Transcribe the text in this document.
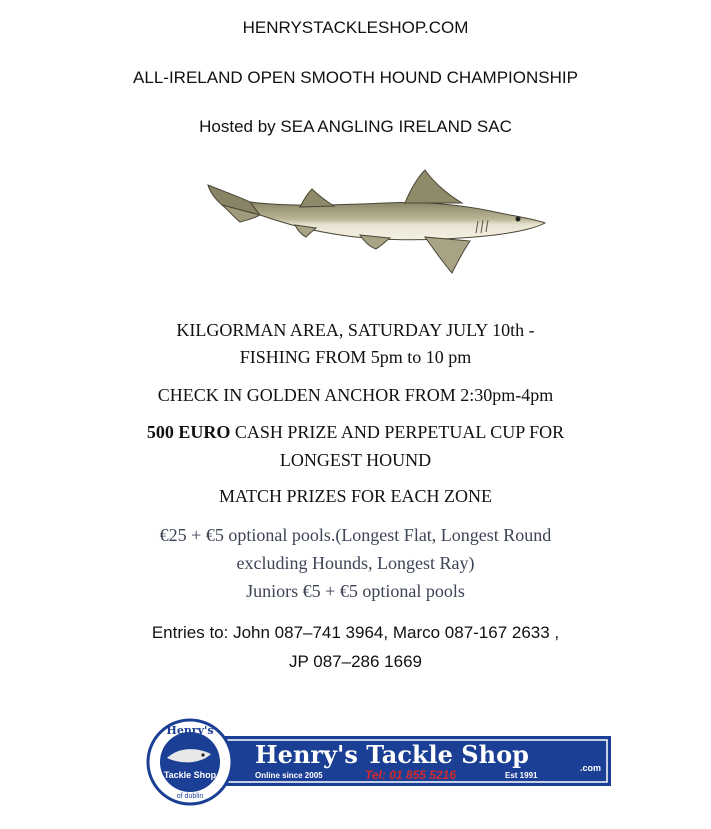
HENRYSTACKLESHOP.COM
ALL-IRELAND OPEN SMOOTH HOUND CHAMPIONSHIP
Hosted by SEA ANGLING IRELAND SAC
KILGORMAN AREA, SATURDAY JULY 10th -
FISHING FROM 5pm to 10 pm
CHECK IN GOLDEN ANCHOR FROM 2:30pm-4pm
500 EURO CASH PRIZE AND PERPETUAL CUP FOR
LONGEST HOUND
MATCH PRIZES FOR EACH ZONE
€25 + €5 optional pools.(Longest Flat, Longest Round
excluding Hounds, Longest Ray)
Juniors €5 + €5 optional pools
Entries to: John 087–741 3964, Marco 087-167 2633 ,
JP 087–286 1669
Henry's Tackle Shop	.com
Online since 2005	Tel: 01 855 5216	Est 1991
Henry's
Tackle Shop
of dublin
